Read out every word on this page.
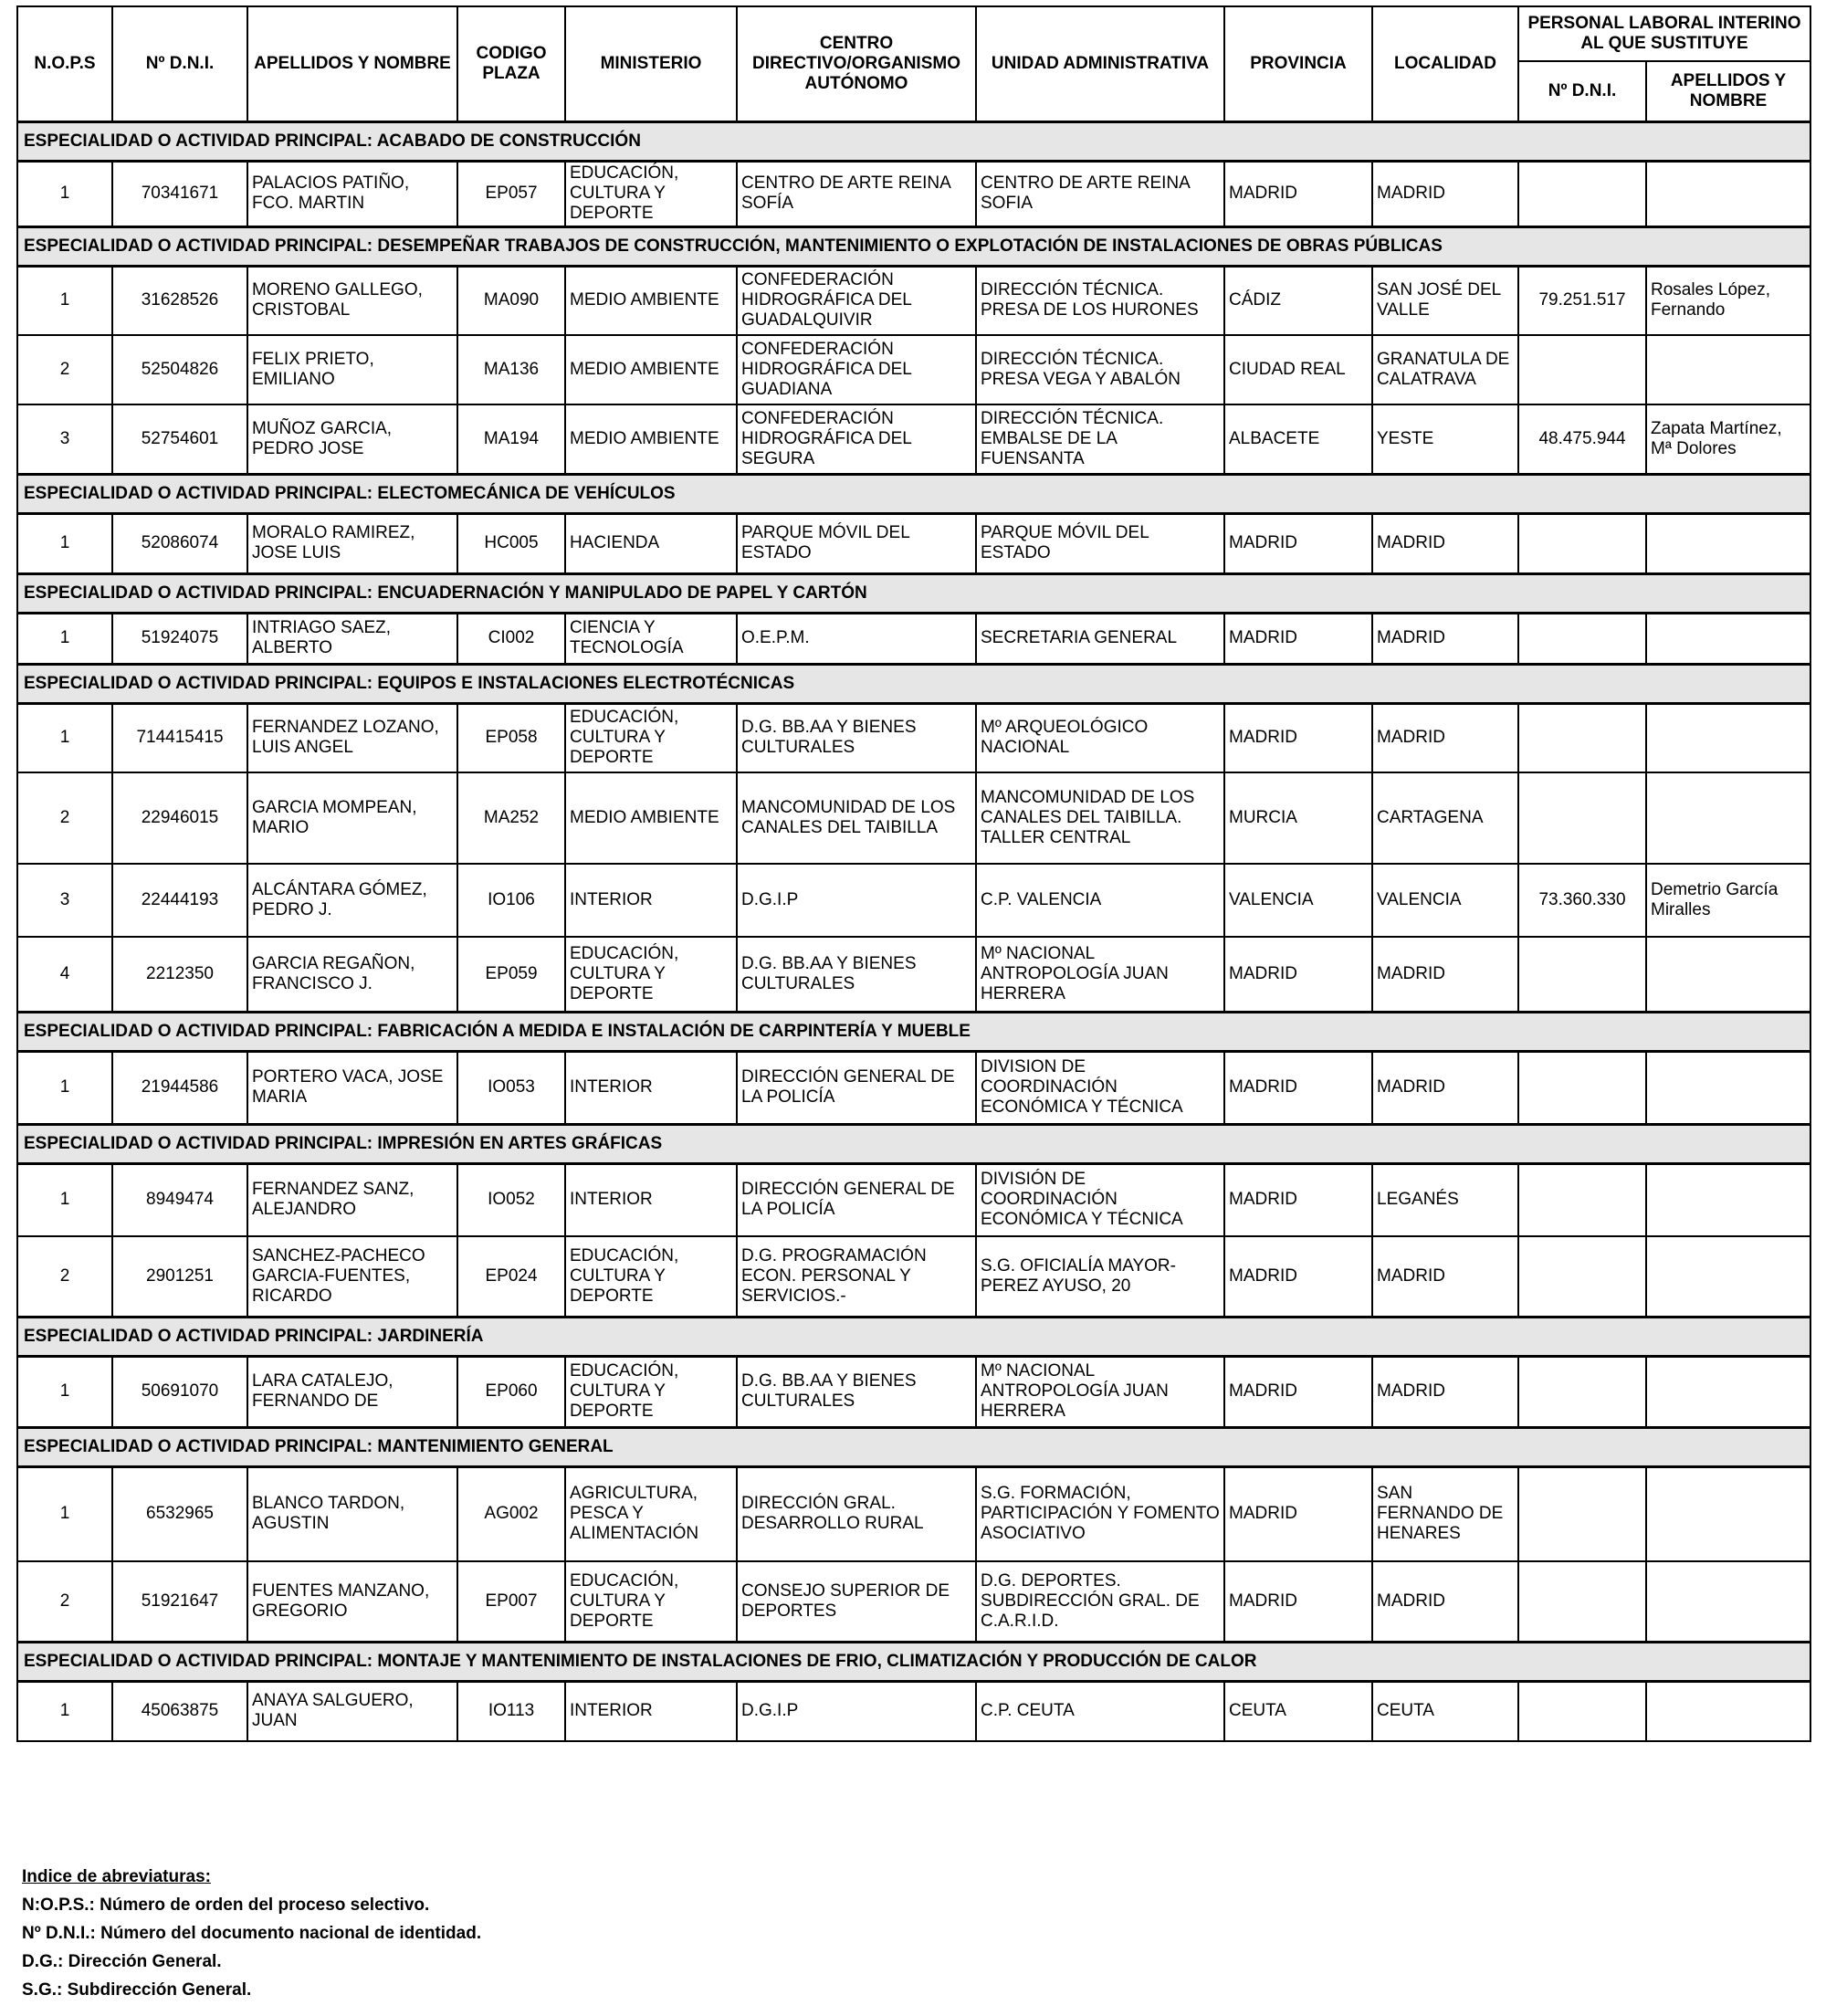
N.O.P.S	Nº D.N.I.	APELLIDOS Y NOMBRE	CODIGO PLAZA	MINISTERIO	CENTRO DIRECTIVO/ORGANISMO AUTÓNOMO	UNIDAD ADMINISTRATIVA	PROVINCIA	LOCALIDAD	PERSONAL LABORAL INTERINO AL QUE SUSTITUYE	
									Nº D.N.I.	APELLIDOS Y NOMBRE
ESPECIALIDAD O ACTIVIDAD PRINCIPAL: ACABADO DE CONSTRUCCIÓN										
1	70341671	PALACIOS PATIÑO, FCO. MARTIN	EP057	EDUCACIÓN, CULTURA Y DEPORTE	CENTRO DE ARTE REINA SOFÍA	CENTRO DE ARTE REINA SOFIA	MADRID	MADRID		
ESPECIALIDAD O ACTIVIDAD PRINCIPAL: DESEMPEÑAR TRABAJOS DE CONSTRUCCIÓN, MANTENIMIENTO O EXPLOTACIÓN DE INSTALACIONES DE OBRAS PÚBLICAS										
1	31628526	MORENO GALLEGO, CRISTOBAL	MA090	MEDIO AMBIENTE	CONFEDERACIÓN HIDROGRÁFICA DEL GUADALQUIVIR	DIRECCIÓN TÉCNICA. PRESA DE LOS HURONES	CÁDIZ	SAN JOSÉ DEL VALLE	79.251.517	Rosales López, Fernando
2	52504826	FELIX PRIETO, EMILIANO	MA136	MEDIO AMBIENTE	CONFEDERACIÓN HIDROGRÁFICA DEL GUADIANA	DIRECCIÓN TÉCNICA. PRESA VEGA Y ABALÓN	CIUDAD REAL	GRANATULA DE CALATRAVA		
3	52754601	MUÑOZ GARCIA, PEDRO JOSE	MA194	MEDIO AMBIENTE	CONFEDERACIÓN HIDROGRÁFICA DEL SEGURA	DIRECCIÓN TÉCNICA. EMBALSE DE LA FUENSANTA	ALBACETE	YESTE	48.475.944	Zapata Martínez, Mª Dolores
ESPECIALIDAD O ACTIVIDAD PRINCIPAL: ELECTOMECÁNICA DE VEHÍCULOS										
1	52086074	MORALO RAMIREZ, JOSE LUIS	HC005	HACIENDA	PARQUE MÓVIL DEL ESTADO	PARQUE MÓVIL DEL ESTADO	MADRID	MADRID		
ESPECIALIDAD O ACTIVIDAD PRINCIPAL: ENCUADERNACIÓN Y MANIPULADO DE PAPEL Y CARTÓN										
1	51924075	INTRIAGO SAEZ, ALBERTO	CI002	CIENCIA Y TECNOLOGÍA	O.E.P.M.	SECRETARIA GENERAL	MADRID	MADRID		
ESPECIALIDAD O ACTIVIDAD PRINCIPAL: EQUIPOS E INSTALACIONES ELECTROTÉCNICAS										
1	714415415	FERNANDEZ LOZANO, LUIS ANGEL	EP058	EDUCACIÓN, CULTURA Y DEPORTE	D.G. BB.AA Y BIENES CULTURALES	Mº ARQUEOLÓGICO NACIONAL	MADRID	MADRID		
2	22946015	GARCIA MOMPEAN, MARIO	MA252	MEDIO AMBIENTE	MANCOMUNIDAD DE LOS CANALES DEL TAIBILLA	MANCOMUNIDAD DE LOS CANALES DEL TAIBILLA. TALLER CENTRAL	MURCIA	CARTAGENA		
3	22444193	ALCÁNTARA GÓMEZ, PEDRO J.	IO106	INTERIOR	D.G.I.P	C.P. VALENCIA	VALENCIA	VALENCIA	73.360.330	Demetrio García Miralles
4	2212350	GARCIA REGAÑON, FRANCISCO J.	EP059	EDUCACIÓN, CULTURA Y DEPORTE	D.G. BB.AA Y BIENES CULTURALES	Mº NACIONAL ANTROPOLOGÍA JUAN HERRERA	MADRID	MADRID		
ESPECIALIDAD O ACTIVIDAD PRINCIPAL: FABRICACIÓN A MEDIDA E INSTALACIÓN DE CARPINTERÍA Y MUEBLE										
1	21944586	PORTERO VACA, JOSE MARIA	IO053	INTERIOR	DIRECCIÓN GENERAL DE LA POLICÍA	DIVISION DE COORDINACIÓN ECONÓMICA Y TÉCNICA	MADRID	MADRID		
ESPECIALIDAD O ACTIVIDAD PRINCIPAL: IMPRESIÓN EN ARTES GRÁFICAS										
1	8949474	FERNANDEZ SANZ, ALEJANDRO	IO052	INTERIOR	DIRECCIÓN GENERAL DE LA POLICÍA	DIVISIÓN DE COORDINACIÓN ECONÓMICA Y TÉCNICA	MADRID	LEGANÉS		
2	2901251	SANCHEZ-PACHECO GARCIA-FUENTES, RICARDO	EP024	EDUCACIÓN, CULTURA Y DEPORTE	D.G. PROGRAMACIÓN ECON. PERSONAL Y SERVICIOS.-	S.G. OFICIALÍA MAYOR- PEREZ AYUSO, 20	MADRID	MADRID		
ESPECIALIDAD O ACTIVIDAD PRINCIPAL: JARDINERÍA										
1	50691070	LARA CATALEJO, FERNANDO DE	EP060	EDUCACIÓN, CULTURA Y DEPORTE	D.G. BB.AA Y BIENES CULTURALES	Mº NACIONAL ANTROPOLOGÍA JUAN HERRERA	MADRID	MADRID		
ESPECIALIDAD O ACTIVIDAD PRINCIPAL: MANTENIMIENTO GENERAL										
1	6532965	BLANCO TARDON, AGUSTIN	AG002	AGRICULTURA, PESCA Y ALIMENTACIÓN	DIRECCIÓN GRAL. DESARROLLO RURAL	S.G. FORMACIÓN, PARTICIPACIÓN Y FOMENTO ASOCIATIVO	MADRID	SAN FERNANDO DE HENARES		
2	51921647	FUENTES MANZANO, GREGORIO	EP007	EDUCACIÓN, CULTURA Y DEPORTE	CONSEJO SUPERIOR DE DEPORTES	D.G. DEPORTES. SUBDIRECCIÓN GRAL. DE C.A.R.I.D.	MADRID	MADRID		
ESPECIALIDAD O ACTIVIDAD PRINCIPAL: MONTAJE Y MANTENIMIENTO DE INSTALACIONES DE FRIO, CLIMATIZACIÓN Y PRODUCCIÓN DE CALOR										
1	45063875	ANAYA SALGUERO, JUAN	IO113	INTERIOR	D.G.I.P	C.P. CEUTA	CEUTA	CEUTA		
Indice de abreviaturas:
N:O.P.S.: Número de orden del proceso selectivo.
Nº D.N.I.: Número del documento nacional de identidad.
D.G.: Dirección General.
S.G.: Subdirección General.
